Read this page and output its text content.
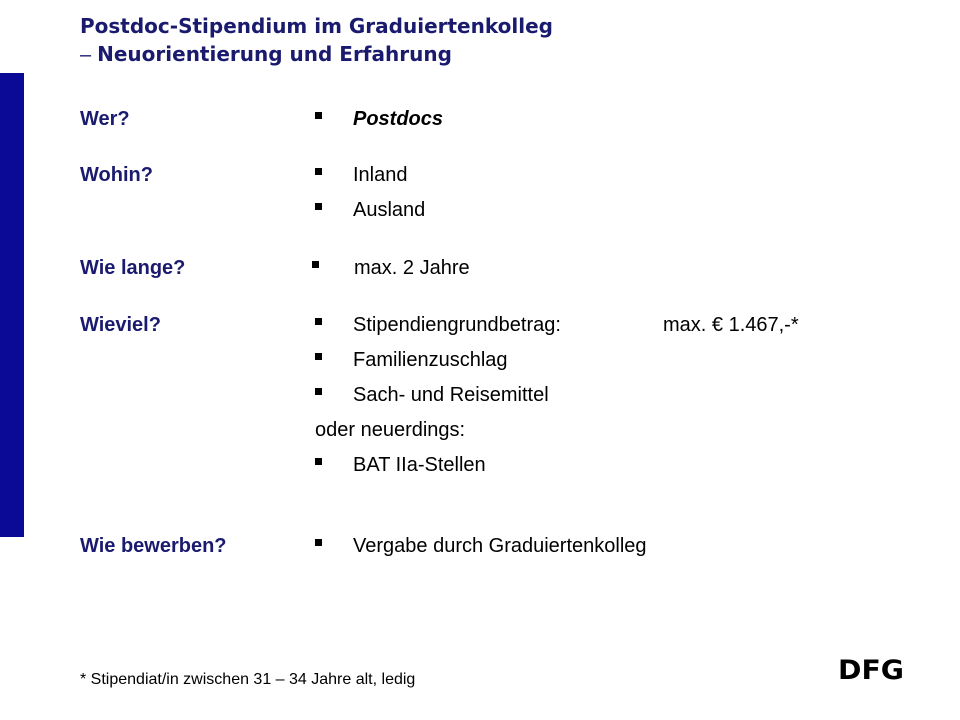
Postdoc-Stipendium im Graduiertenkolleg
– Neuorientierung und Erfahrung
Wer?	Postdocs
Wohin?	Inland
Ausland
Wie lange?	max. 2 Jahre
Wieviel?	Stipendiengrundbetrag:	max. € 1.467,-*
Familienzuschlag
Sach- und Reisemittel
oder neuerdings:
BAT IIa-Stellen
Wie bewerben?	Vergabe durch Graduiertenkolleg
* Stipendiat/in zwischen 31 – 34 Jahre alt, ledig	DFG
